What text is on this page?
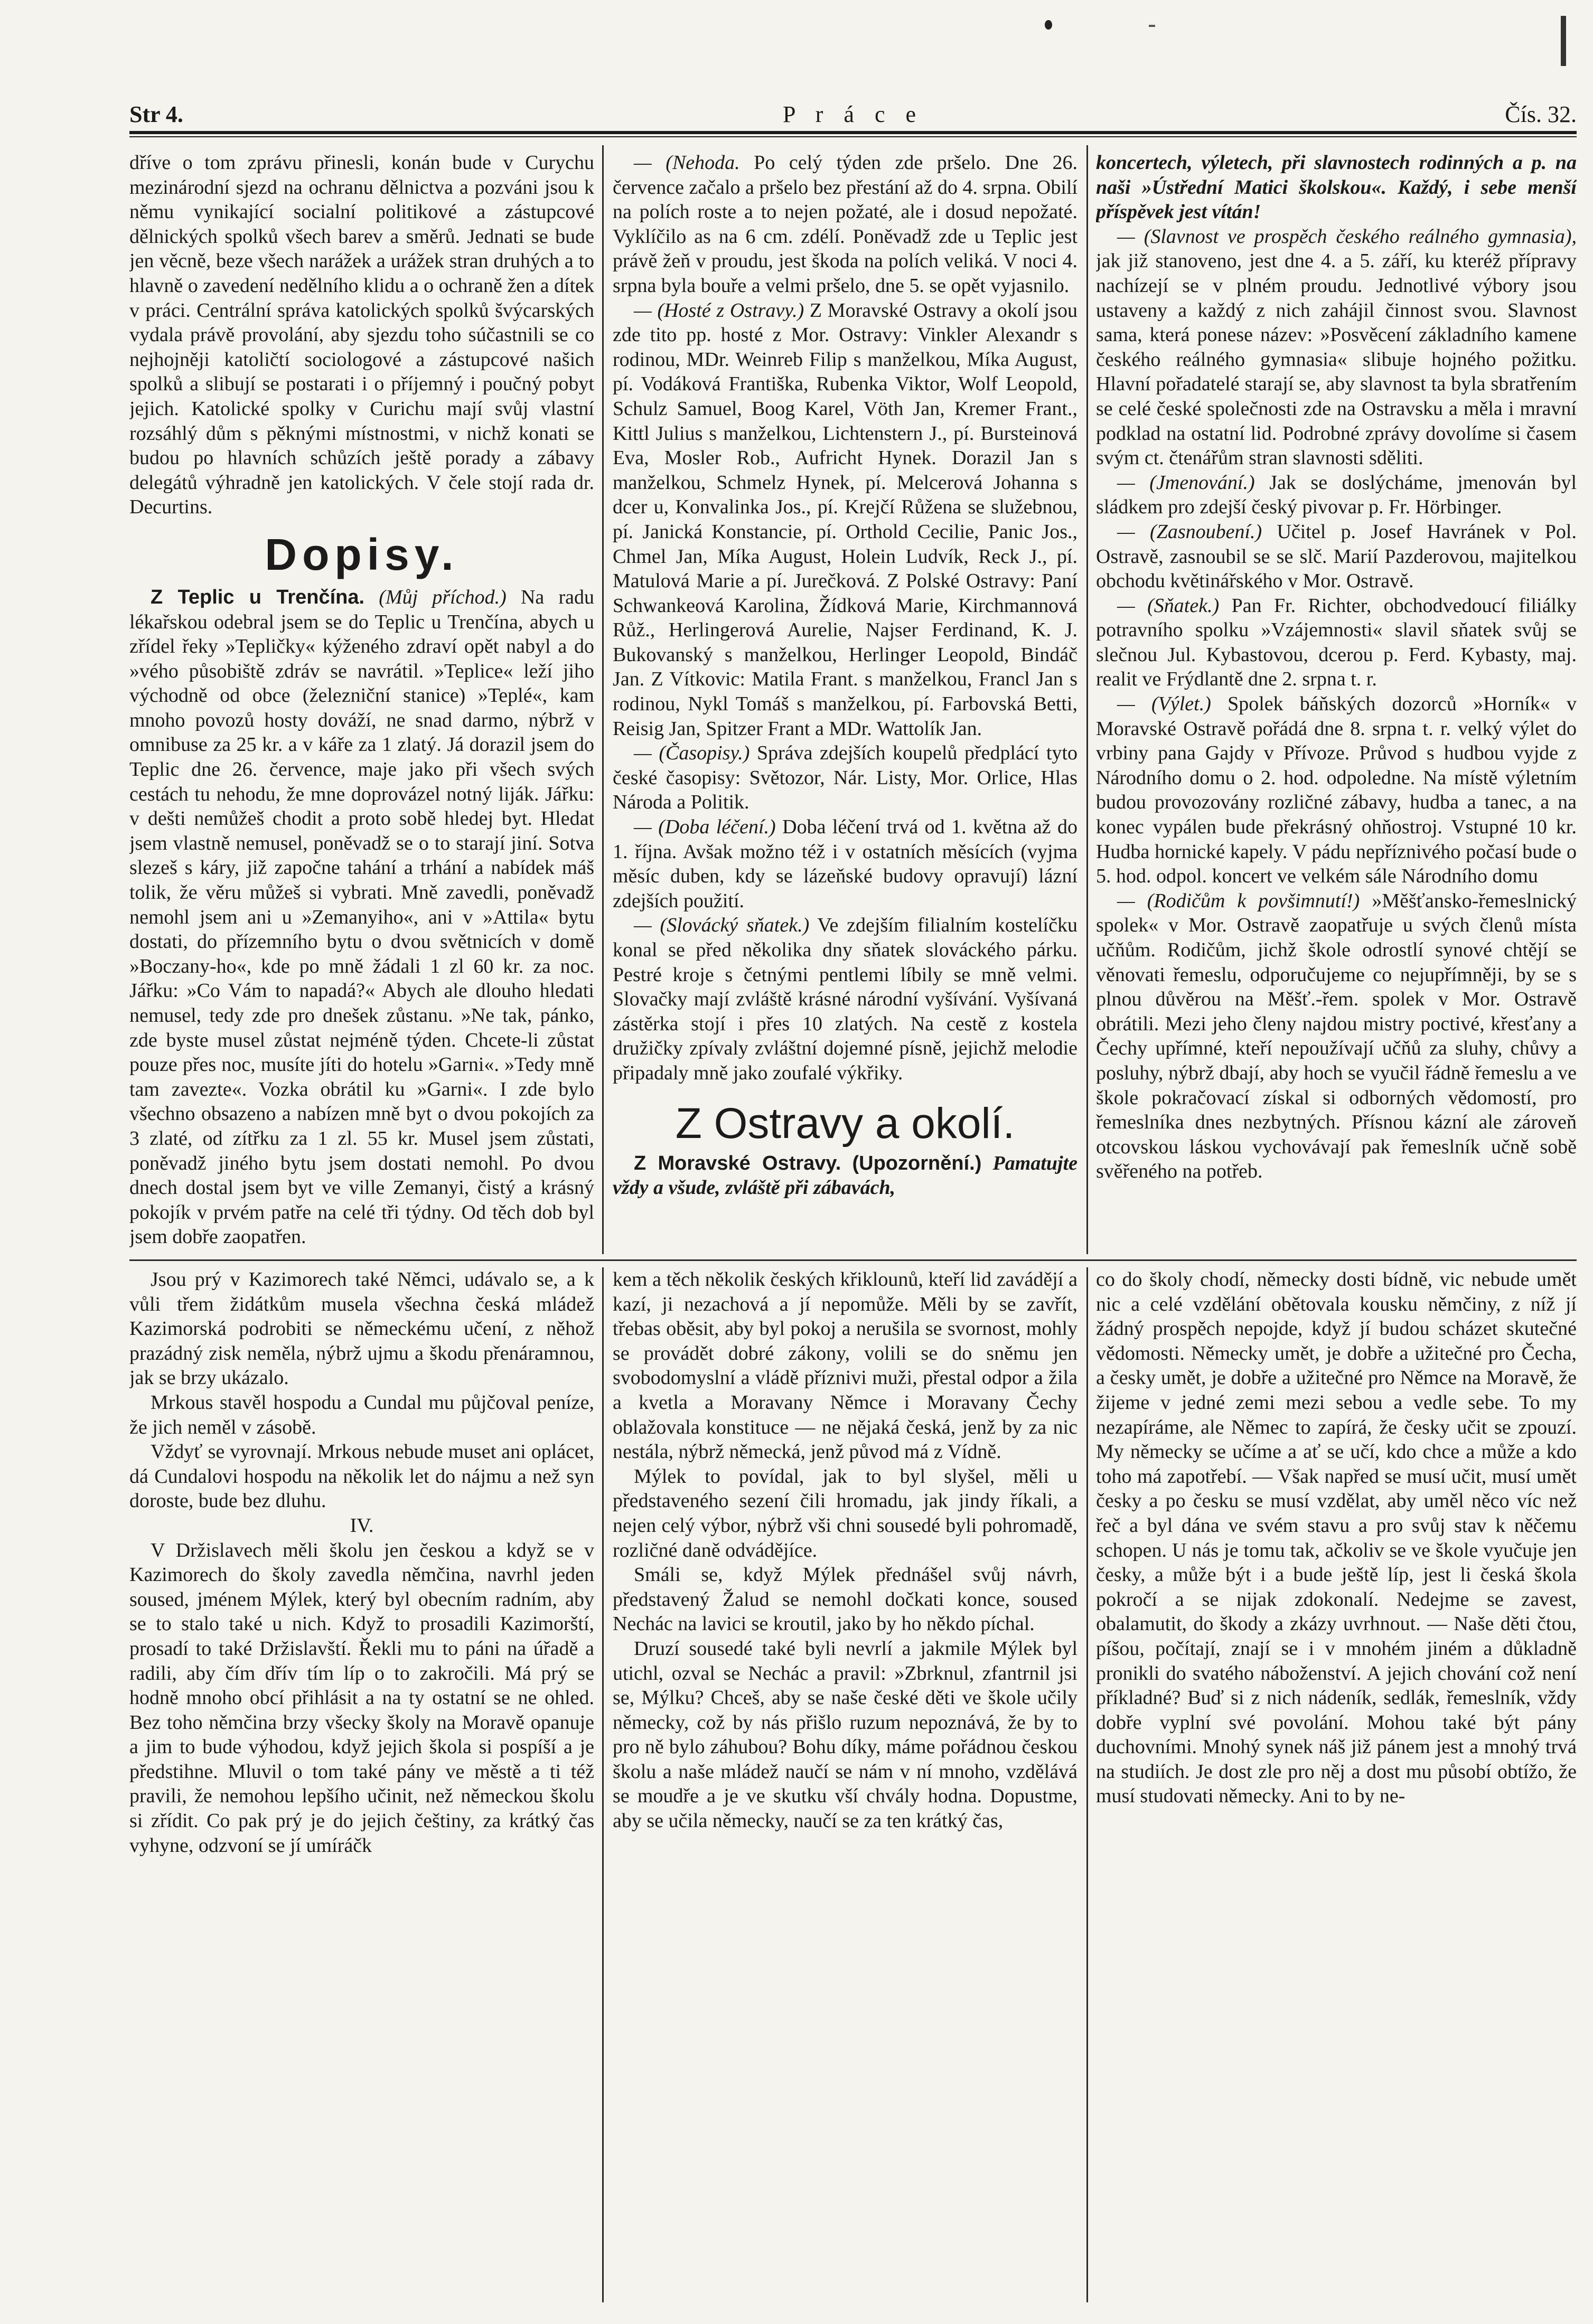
Str 4.	P r á c e	Čís. 32.

dříve o tom zprávu přinesli, konán bude v Curychu mezinárodní sjezd na ochranu dělnictva a pozváni jsou k němu vynikající socialní politikové a zástupcové dělnických spolků všech barev a směrů. Jednati se bude jen věcně, beze všech narážek a urážek stran druhých a to hlavně o zavedení nedělního klidu a o ochraně žen a dítek v práci. Centrální správa katolických spolků švýcarských vydala právě provolání, aby sjezdu toho súčastnili se co nejhojněji katoličtí sociologové a zástupcové našich spolků a slibují se postarati i o příjemný i poučný pobyt jejich. Katolické spolky v Curichu mají svůj vlastní rozsáhlý dům s pěknými místnostmi, v nichž konati se budou po hlavních schůzích ještě porady a zábavy delegátů výhradně jen katolických. V čele stojí rada dr. Decurtins.

Dopisy.

Z Teplic u Trenčína. (Můj příchod.) Na radu lékařskou odebral jsem se do Teplic u Trenčína, abych u zřídel řeky »Tepličky« kýženého zdraví opět nabyl a do »vého působiště zdráv se navrátil. »Teplice« leží jiho východně od obce (železniční stanice) »Teplé«, kam mnoho povozů hosty dováží, ne snad darmo, nýbrž v omnibuse za 25 kr. a v káře za 1 zlatý. Já dorazil jsem do Teplic dne 26. července, maje jako při všech svých cestách tu nehodu, že mne doprovázel notný liják. Jářku: v dešti nemůžeš chodit a proto sobě hledej byt. Hledat jsem vlastně nemusel, poněvadž se o to starají jiní. Sotva slezeš s káry, již započne tahání a trhání a nabídek máš tolik, že věru můžeš si vybrati. Mně zavedli, poněvadž nemohl jsem ani u »Zemanyiho«, ani v »Attila« bytu dostati, do přízemního bytu o dvou světnicích v domě »Boczany-ho«, kde po mně žádali 1 zl 60 kr. za noc. Jářku: »Co Vám to napadá?« Abych ale dlouho hledati nemusel, tedy zde pro dnešek zůstanu. »Ne tak, pánko, zde byste musel zůstat nejméně týden. Chcete-li zůstat pouze přes noc, musíte jíti do hotelu »Garni«. »Tedy mně tam zavezte«. Vozka obrátil ku »Garni«. I zde bylo všechno obsazeno a nabízen mně byt o dvou pokojích za 3 zlaté, od zítřku za 1 zl. 55 kr. Musel jsem zůstati, poněvadž jiného bytu jsem dostati nemohl. Po dvou dnech dostal jsem byt ve ville Zemanyi, čistý a krásný pokojík v prvém patře na celé tři týdny. Od těch dob byl jsem dobře zaopatřen.

— (Nehoda. Po celý týden zde pršelo. Dne 26. července začalo a pršelo bez přestání až do 4. srpna. Obilí na polích roste a to nejen požaté, ale i dosud nepožaté. Vyklíčilo as na 6 cm. zdélí. Poněvadž zde u Teplic jest právě žeň v proudu, jest škoda na polích veliká. V noci 4. srpna byla bouře a velmi pršelo, dne 5. se opět vyjasnilo.

— (Hosté z Ostravy.) Z Moravské Ostravy a okolí jsou zde tito pp. hosté z Mor. Ostravy: Vinkler Alexandr s rodinou, MDr. Weinreb Filip s manželkou, Míka August, pí. Vodáková Františka, Rubenka Viktor, Wolf Leopold, Schulz Samuel, Boog Karel, Vöth Jan, Kremer Frant., Kittl Julius s manželkou, Lichtenstern J., pí. Bursteinová Eva, Mosler Rob., Aufricht Hynek. Dorazil Jan s manželkou, Schmelz Hynek, pí. Melcerová Johanna s dcer u, Konvalinka Jos., pí. Krejčí Růžena se služebnou, pí. Janická Konstancie, pí. Orthold Cecilie, Panic Jos., Chmel Jan, Míka August, Holein Ludvík, Reck J., pí. Matulová Marie a pí. Jurečková. Z Polské Ostravy: Paní Schwankeová Karolina, Žídková Marie, Kirchmannová Růž., Herlingerová Aurelie, Najser Ferdinand, K. J. Bukovanský s manželkou, Herlinger Leopold, Bindáč Jan. Z Vítkovic: Matila Frant. s manželkou, Francl Jan s rodinou, Nykl Tomáš s manželkou, pí. Farbovská Betti, Reisig Jan, Spitzer Frant a MDr. Wattolík Jan.

— (Časopisy.) Správa zdejších koupelů předplácí tyto české časopisy: Světozor, Nár. Listy, Mor. Orlice, Hlas Národa a Politik.

— (Doba léčení.) Doba léčení trvá od 1. května až do 1. října. Avšak možno též i v ostatních měsících (vyjma měsíc duben, kdy se lázeňské budovy opravují) lázní zdejších použití.

— (Slovácký sňatek.) Ve zdejším filialním kostelíčku konal se před několika dny sňatek slováckého párku. Pestré kroje s četnými pentlemi líbily se mně velmi. Slovačky mají zvláště krásné národní vyšívání. Vyšívaná zástěrka stojí i přes 10 zlatých. Na cestě z kostela družičky zpívaly zvláštní dojemné písně, jejichž melodie připadaly mně jako zoufalé výkřiky.

Z Ostravy a okolí.

Z Moravské Ostravy. (Upozornění.) Pamatujte vždy a všude, zvláště při zábavách,

koncertech, výletech, při slavnostech rodinných a p. na naši »Ústřední Matici školskou«. Každý, i sebe menší příspěvek jest vítán!

— (Slavnost ve prospěch českého reálného gymnasia), jak již stanoveno, jest dne 4. a 5. září, ku kteréž přípravy nachízejí se v plném proudu. Jednotlivé výbory jsou ustaveny a každý z nich zahájil činnost svou. Slavnost sama, která ponese název: »Posvěcení základního kamene českého reálného gymnasia« slibuje hojného požitku. Hlavní pořadatelé starají se, aby slavnost ta byla sbratřením se celé české společnosti zde na Ostravsku a měla i mravní podklad na ostatní lid. Podrobné zprávy dovolíme si časem svým ct. čtenářům stran slavnosti sděliti.

— (Jmenování.) Jak se doslýcháme, jmenován byl sládkem pro zdejší český pivovar p. Fr. Hörbinger.

— (Zasnoubení.) Učitel p. Josef Havránek v Pol. Ostravě, zasnoubil se se slč. Marií Pazderovou, majitelkou obchodu květinářského v Mor. Ostravě.

— (Sňatek.) Pan Fr. Richter, obchodvedoucí filiálky potravního spolku »Vzájemnosti« slavil sňatek svůj se slečnou Jul. Kybastovou, dcerou p. Ferd. Kybasty, maj. realit ve Frýdlantě dne 2. srpna t. r.

— (Výlet.) Spolek báňských dozorců »Horník« v Moravské Ostravě pořádá dne 8. srpna t. r. velký výlet do vrbiny pana Gajdy v Přívoze. Průvod s hudbou vyjde z Národního domu o 2. hod. odpoledne. Na místě výletním budou provozovány rozličné zábavy, hudba a tanec, a na konec vypálen bude překrásný ohňostroj. Vstupné 10 kr. Hudba hornické kapely. V pádu nepříznivého počasí bude o 5. hod. odpol. koncert ve velkém sále Národního domu

— (Rodičům k povšimnutí!) »Měšťansko-řemeslnický spolek« v Mor. Ostravě zaopatřuje u svých členů místa učňům. Rodičům, jichž škole odrostlí synové chtějí se věnovati řemeslu, odporučujeme co nejupřímněji, by se s plnou důvěrou na Měšť.-řem. spolek v Mor. Ostravě obrátili. Mezi jeho členy najdou mistry poctivé, křesťany a Čechy upřímné, kteří nepoužívají učňů za sluhy, chůvy a posluhy, nýbrž dbají, aby hoch se vyučil řádně řemeslu a ve škole pokračovací získal si odborných vědomostí, pro řemeslníka dnes nezbytných. Přísnou kázní ale zároveň otcovskou láskou vychovávají pak řemeslník učně sobě svěřeného na potřeb.

Jsou prý v Kazimorech také Němci, udávalo se, a k vůli třem židátkům musela všechna česká mládež Kazimorská podrobiti se německému učení, z něhož prazádný zisk neměla, nýbrž ujmu a škodu přenáramnou, jak se brzy ukázalo.

Mrkous stavěl hospodu a Cundal mu půjčoval peníze, že jich neměl v zásobě.

Vždyť se vyrovnají. Mrkous nebude muset ani oplácet, dá Cundalovi hospodu na několik let do nájmu a než syn doroste, bude bez dluhu.

IV.

V Držislavech měli školu jen českou a když se v Kazimorech do školy zavedla němčina, navrhl jeden soused, jménem Mýlek, který byl obecním radním, aby se to stalo také u nich. Když to prosadili Kazimorští, prosadí to také Držislavští. Řekli mu to páni na úřadě a radili, aby čím dřív tím líp o to zakročili. Má prý se hodně mnoho obcí přihlásit a na ty ostatní se ne ohled. Bez toho němčina brzy všecky školy na Moravě opanuje a jim to bude výhodou, když jejich škola si pospíší a je předstihne. Mluvil o tom také pány ve městě a ti též pravili, že nemohou lepšího učinit, než německou školu si zřídit. Co pak prý je do jejich češtiny, za krátký čas vyhyne, odzvoní se jí umíráčk

kem a těch několik českých křiklounů, kteří lid zavádějí a kazí, ji nezachová a jí nepomůže. Měli by se zavřít, třebas oběsit, aby byl pokoj a nerušila se svornost, mohly se provádět dobré zákony, volili se do sněmu jen svobodomyslní a vládě příznivi muži, přestal odpor a žila a kvetla a Moravany Němce i Moravany Čechy oblažovala konstituce — ne nějaká česká, jenž by za nic nestála, nýbrž německá, jenž původ má z Vídně.

Mýlek to povídal, jak to byl slyšel, měli u představeného sezení čili hromadu, jak jindy říkali, a nejen celý výbor, nýbrž vši chni sousedé byli pohromadě, rozličné daně odvádějíce.

Smáli se, když Mýlek přednášel svůj návrh, představený Žalud se nemohl dočkati konce, soused Nechác na lavici se kroutil, jako by ho někdo píchal.

Druzí sousedé také byli nevrlí a jakmile Mýlek byl utichl, ozval se Nechác a pravil: »Zbrknul, zfantrnil jsi se, Mýlku? Chceš, aby se naše české děti ve škole učily německy, což by nás přišlo ruzum nepoznává, že by to pro ně bylo záhubou? Bohu díky, máme pořádnou českou školu a naše mládež naučí se nám v ní mnoho, vzdělává se moudře a je ve skutku vší chvály hodna. Dopustme, aby se učila německy, naučí se za ten krátký čas,

co do školy chodí, německy dosti bídně, vic nebude umět nic a celé vzdělání obětovala kousku němčiny, z níž jí žádný prospěch nepojde, když jí budou scházet skutečné vědomosti. Německy umět, je dobře a užitečné pro Čecha, a česky umět, je dobře a užitečné pro Němce na Moravě, že žijeme v jedné zemi mezi sebou a vedle sebe. To my nezapíráme, ale Němec to zapírá, že česky učit se zpouzí. My německy se učíme a ať se učí, kdo chce a může a kdo toho má zapotřebí. — Však napřed se musí učit, musí umět česky a po česku se musí vzdělat, aby uměl něco víc než řeč a byl dána ve svém stavu a pro svůj stav k něčemu schopen. U nás je tomu tak, ačkoliv se ve škole vyučuje jen česky, a může být i a bude ještě líp, jest li česká škola pokročí a se nijak zdokonalí. Nedejme se zavest, obalamutit, do škody a zkázy uvrhnout. — Naše děti čtou, píšou, počítají, znají se i v mnohém jiném a důkladně pronikli do svatého náboženství. A jejich chování což není příkladné? Buď si z nich nádeník, sedlák, řemeslník, vždy dobře vyplní své povolání. Mohou také být pány duchovními. Mnohý synek náš již pánem jest a mnohý trvá na studiích. Je dost zle pro něj a dost mu působí obtížo, že musí studovati německy. Ani to by ne-
